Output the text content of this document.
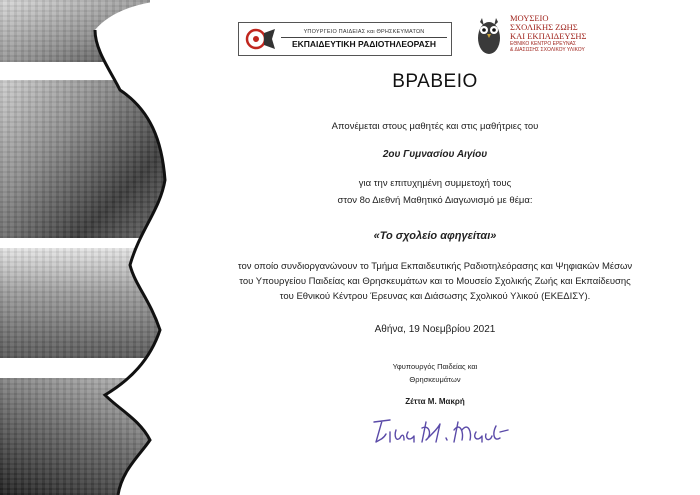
ΥΠΟΥΡΓΕΙΟ ΠΑΙΔΕΙΑΣ και ΘΡΗΣΚΕΥΜΑΤΩΝ
ΕΚΠΑΙΔΕΥΤΙΚΗ ΡΑΔΙΟΤΗΛΕΟΡΑΣΗ
ΜΟΥΣΕΙΟ
ΣΧΟΛΙΚΗΣ ΖΩΗΣ
ΚΑΙ ΕΚΠΑΙΔΕΥΣΗΣ
ΕΘΝΙΚΟ ΚΕΝΤΡΟ ΕΡΕΥΝΑΣ
& ΔΙΑΣΩΣΗΣ ΣΧΟΛΙΚΟΥ ΥΛΙΚΟΥ
ΒΡΑΒΕΙΟ
Απονέμεται στους μαθητές και στις μαθήτριες του
2ου Γυμνασίου Αιγίου
για την επιτυχημένη συμμετοχή τους
στον 8ο Διεθνή Μαθητικό Διαγωνισμό με θέμα:
«Το σχολείο αφηγείται»
τον οποίο συνδιοργανώνουν το Τμήμα Εκπαιδευτικής Ραδιοτηλεόρασης και Ψηφιακών Μέσων
του Υπουργείου Παιδείας και Θρησκευμάτων και το Μουσείο Σχολικής Ζωής και Εκπαίδευσης
του Εθνικού Κέντρου Έρευνας και Διάσωσης Σχολικού Υλικού (ΕΚΕΔΙΣΥ).
Αθήνα, 19 Νοεμβρίου 2021
Υφυπουργός Παιδείας και
Θρησκευμάτων
Ζέττα Μ. Μακρή
